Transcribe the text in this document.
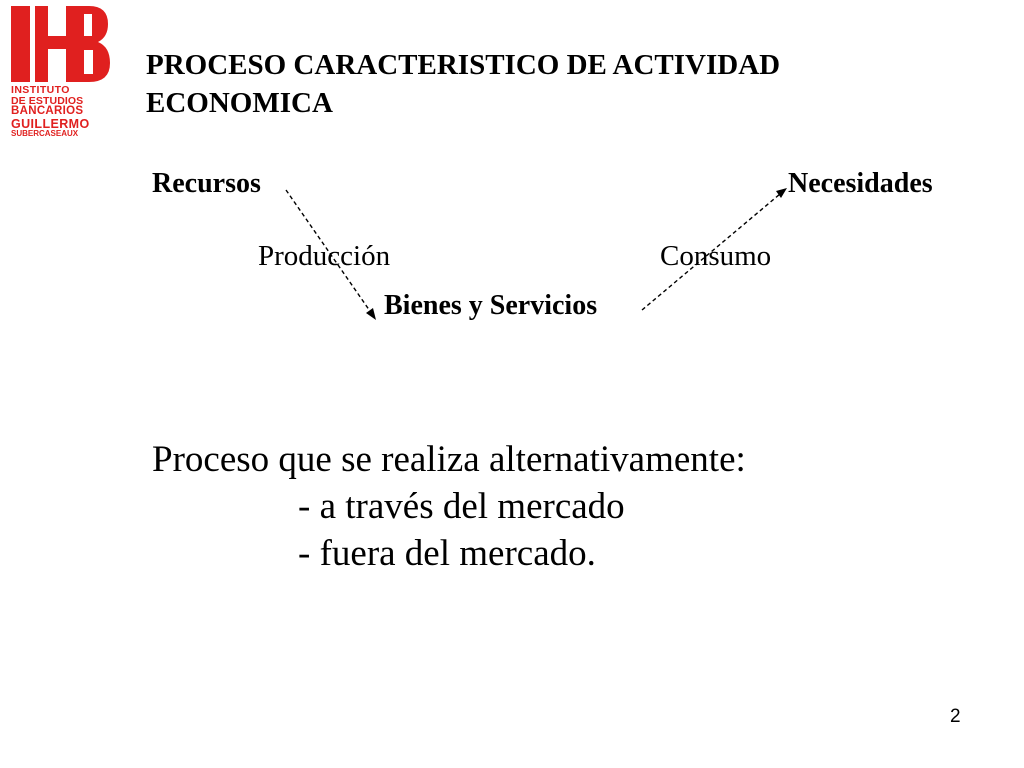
INSTITUTO
DE ESTUDIOS
BANCARIOS
GUILLERMO
SUBERCASEAUX
PROCESO CARACTERISTICO DE ACTIVIDAD
ECONOMICA
Recursos	Necesidades
Bienes y Servicios
Producción	Consumo
Proceso que se realiza alternativamente:
- a través del mercado
- fuera del mercado.
2
